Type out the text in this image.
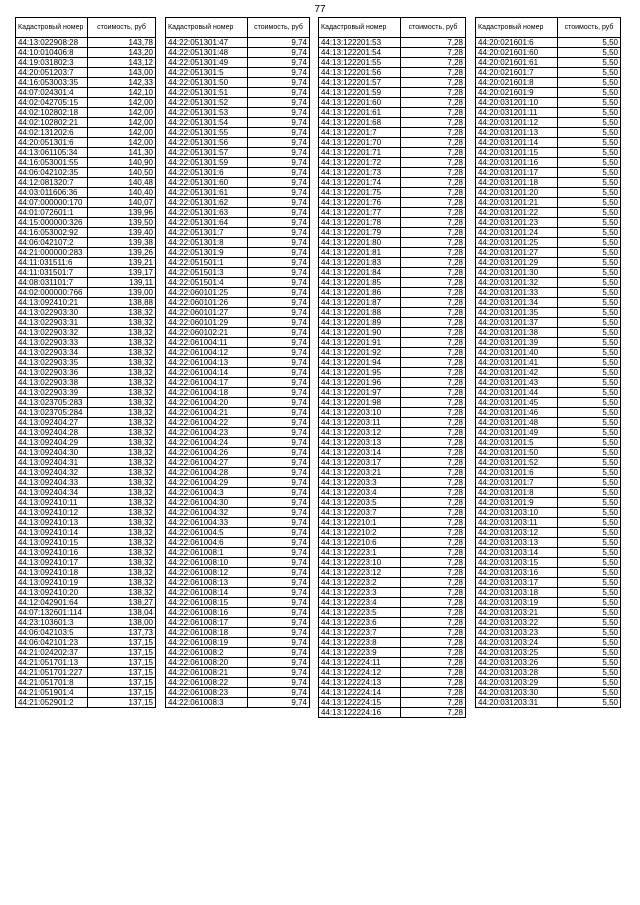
77
Кадастровый номер	стоимость, руб
44:13:022908:28	143,78
44:10:010406:8	143,20
44:19:031802:3	143,12
44:20:051203:7	143,00
44:16:053003:35	142,33
44:07:024301:4	142,10
44:02:042705:15	142,00
44:02:102802:18	142,00
44:02:102802:21	142,00
44:02:131202:6	142,00
44:20:051301:6	142,00
44:13:061105:34	141,30
44:16:053001:55	140,90
44:06:042102:35	140,50
44:12:081320:7	140,48
44:03:011606:36	140,40
44:07:000000:170	140,07
44:01:072601:1	139,96
44:15:000000:326	139,50
44:16:053002:92	139,40
44:06:042107:2	139,38
44:21:000000:283	139,26
44:11:031511:6	139,21
44:11:031501:7	139,17
44:08:031101:7	139,11
44:02:000000:766	139,00
44:13:092410:21	138,88
44:13:022903:30	138,32
44:13:022903:31	138,32
44:13:022903:32	138,32
44:13:022903:33	138,32
44:13:022903:34	138,32
44:13:022903:35	138,32
44:13:022903:36	138,32
44:13:022903:38	138,32
44:13:022903:39	138,32
44:13:023705:283	138,32
44:13:023705:284	138,32
44:13:092404:27	138,32
44:13:092404:28	138,32
44:13:092404:29	138,32
44:13:092404:30	138,32
44:13:092404:31	138,32
44:13:092404:32	138,32
44:13:092404:33	138,32
44:13:092404:34	138,32
44:13:092410:11	138,32
44:13:092410:12	138,32
44:13:092410:13	138,32
44:13:092410:14	138,32
44:13:092410:15	138,32
44:13:092410:16	138,32
44:13:092410:17	138,32
44:13:092410:18	138,32
44:13:092410:19	138,32
44:13:092410:20	138,32
44:12:042901:64	138,27
44:07:132601:114	138,04
44:23:103601:3	138,00
44:06:042103:5	137,73
44:06:042101:23	137,15
44:21:024202:37	137,15
44:21:051701:13	137,15
44:21:051701:227	137,15
44:21:051701:8	137,15
44:21:051901:4	137,15
44:21:052901:2	137,15
Кадастровый номер	стоимость, руб
44:22:051301:47	9,74
44:22:051301:48	9,74
44:22:051301:49	9,74
44:22:051301:5	9,74
44:22:051301:50	9,74
44:22:051301:51	9,74
44:22:051301:52	9,74
44:22:051301:53	9,74
44:22:051301:54	9,74
44:22:051301:55	9,74
44:22:051301:56	9,74
44:22:051301:57	9,74
44:22:051301:59	9,74
44:22:051301:6	9,74
44:22:051301:60	9,74
44:22:051301:61	9,74
44:22:051301:62	9,74
44:22:051301:63	9,74
44:22:051301:64	9,74
44:22:051301:7	9,74
44:22:051301:8	9,74
44:22:051301:9	9,74
44:22:051501:1	9,74
44:22:051501:3	9,74
44:22:051501:4	9,74
44:22:060101:25	9,74
44:22:060101:26	9,74
44:22:060101:27	9,74
44:22:060101:29	9,74
44:22:060102:21	9,74
44:22:061004:11	9,74
44:22:061004:12	9,74
44:22:061004:13	9,74
44:22:061004:14	9,74
44:22:061004:17	9,74
44:22:061004:18	9,74
44:22:061004:20	9,74
44:22:061004:21	9,74
44:22:061004:22	9,74
44:22:061004:23	9,74
44:22:061004:24	9,74
44:22:061004:26	9,74
44:22:061004:27	9,74
44:22:061004:28	9,74
44:22:061004:29	9,74
44:22:061004:3	9,74
44:22:061004:30	9,74
44:22:061004:32	9,74
44:22:061004:33	9,74
44:22:061004:5	9,74
44:22:061004:6	9,74
44:22:061008:1	9,74
44:22:061008:10	9,74
44:22:061008:12	9,74
44:22:061008:13	9,74
44:22:061008:14	9,74
44:22:061008:15	9,74
44:22:061008:16	9,74
44:22:061008:17	9,74
44:22:061008:18	9,74
44:22:061008:19	9,74
44:22:061008:2	9,74
44:22:061008:20	9,74
44:22:061008:21	9,74
44:22:061008:22	9,74
44:22:061008:23	9,74
44:22:061008:3	9,74
Кадастровый номер	стоимость, руб
44:13:122201:53	7,28
44:13:122201:54	7,28
44:13:122201:55	7,28
44:13:122201:56	7,28
44:13:122201:57	7,28
44:13:122201:59	7,28
44:13:122201:60	7,28
44:13:122201:61	7,28
44:13:122201:68	7,28
44:13:122201:7	7,28
44:13:122201:70	7,28
44:13:122201:71	7,28
44:13:122201:72	7,28
44:13:122201:73	7,28
44:13:122201:74	7,28
44:13:122201:75	7,28
44:13:122201:76	7,28
44:13:122201:77	7,28
44:13:122201:78	7,28
44:13:122201:79	7,28
44:13:122201:80	7,28
44:13:122201:81	7,28
44:13:122201:83	7,28
44:13:122201:84	7,28
44:13:122201:85	7,28
44:13:122201:86	7,28
44:13:122201:87	7,28
44:13:122201:88	7,28
44:13:122201:89	7,28
44:13:122201:90	7,28
44:13:122201:91	7,28
44:13:122201:92	7,28
44:13:122201:94	7,28
44:13:122201:95	7,28
44:13:122201:96	7,28
44:13:122201:97	7,28
44:13:122201:98	7,28
44:13:122203:10	7,28
44:13:122203:11	7,28
44:13:122203:12	7,28
44:13:122203:13	7,28
44:13:122203:14	7,28
44:13:122203:17	7,28
44:13:122203:21	7,28
44:13:122203:3	7,28
44:13:122203:4	7,28
44:13:122203:5	7,28
44:13:122203:7	7,28
44:13:122210:1	7,28
44:13:122210:2	7,28
44:13:122210:6	7,28
44:13:122223:1	7,28
44:13:122223:10	7,28
44:13:122223:12	7,28
44:13:122223:2	7,28
44:13:122223:3	7,28
44:13:122223:4	7,28
44:13:122223:5	7,28
44:13:122223:6	7,28
44:13:122223:7	7,28
44:13:122223:8	7,28
44:13:122223:9	7,28
44:13:122224:11	7,28
44:13:122224:12	7,28
44:13:122224:13	7,28
44:13:122224:14	7,28
44:13:122224:15	7,28
44:13:122224:16	7,28
Кадастровый номер	стоимость, руб
44:20:021601:6	5,50
44:20:021601:60	5,50
44:20:021601:61	5,50
44:20:021601:7	5,50
44:20:021601:8	5,50
44:20:021601:9	5,50
44:20:031201:10	5,50
44:20:031201:11	5,50
44:20:031201:12	5,50
44:20:031201:13	5,50
44:20:031201:14	5,50
44:20:031201:15	5,50
44:20:031201:16	5,50
44:20:031201:17	5,50
44:20:031201:18	5,50
44:20:031201:20	5,50
44:20:031201:21	5,50
44:20:031201:22	5,50
44:20:031201:23	5,50
44:20:031201:24	5,50
44:20:031201:25	5,50
44:20:031201:27	5,50
44:20:031201:29	5,50
44:20:031201:30	5,50
44:20:031201:32	5,50
44:20:031201:33	5,50
44:20:031201:34	5,50
44:20:031201:35	5,50
44:20:031201:37	5,50
44:20:031201:38	5,50
44:20:031201:39	5,50
44:20:031201:40	5,50
44:20:031201:41	5,50
44:20:031201:42	5,50
44:20:031201:43	5,50
44:20:031201:44	5,50
44:20:031201:45	5,50
44:20:031201:46	5,50
44:20:031201:48	5,50
44:20:031201:49	5,50
44:20:031201:5	5,50
44:20:031201:50	5,50
44:20:031201:52	5,50
44:20:031201:6	5,50
44:20:031201:7	5,50
44:20:031201:8	5,50
44:20:031201:9	5,50
44:20:031203:10	5,50
44:20:031203:11	5,50
44:20:031203:12	5,50
44:20:031203:13	5,50
44:20:031203:14	5,50
44:20:031203:15	5,50
44:20:031203:16	5,50
44:20:031203:17	5,50
44:20:031203:18	5,50
44:20:031203:19	5,50
44:20:031203:21	5,50
44:20:031203:22	5,50
44:20:031203:23	5,50
44:20:031203:24	5,50
44:20:031203:25	5,50
44:20:031203:26	5,50
44:20:031203:28	5,50
44:20:031203:29	5,50
44:20:031203:30	5,50
44:20:031203:31	5,50
